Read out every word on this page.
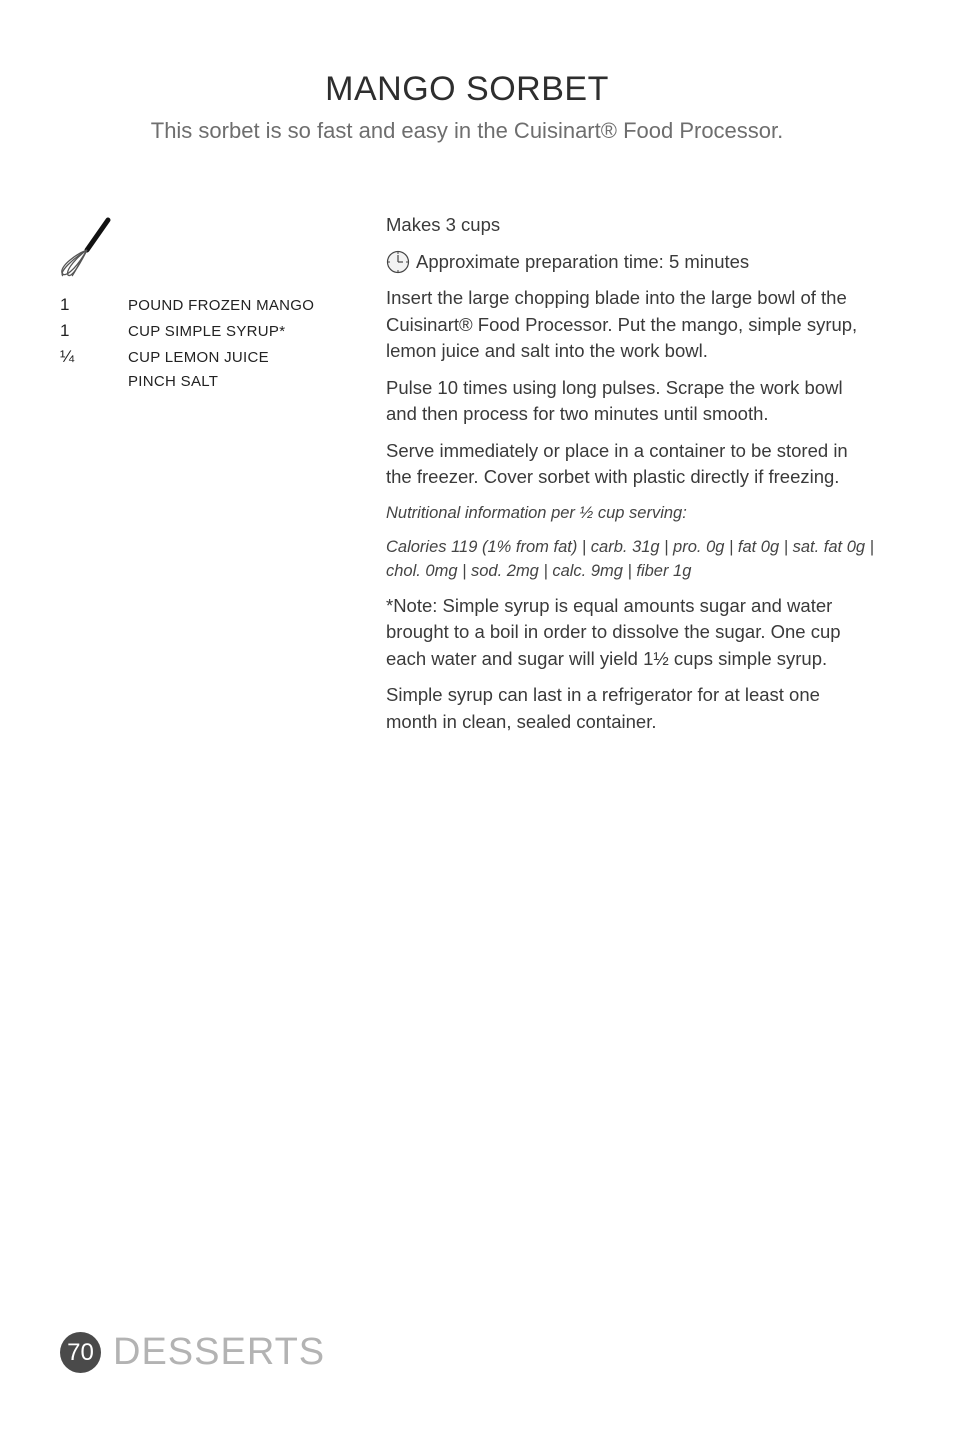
MANGO SORBET

This sorbet is so fast and easy in the Cuisinart® Food Processor.

1	POUND FROZEN MANGO
1	CUP SIMPLE SYRUP*
¼	CUP LEMON JUICE
PINCH SALT

Makes 3 cups

Approximate preparation time: 5 minutes

Insert the large chopping blade into the large bowl of the Cuisinart® Food Processor. Put the mango, simple syrup, lemon juice and salt into the work bowl.

Pulse 10 times using long pulses. Scrape the work bowl and then process for two minutes until smooth.

Serve immediately or place in a container to be stored in the freezer. Cover sorbet with plastic directly if freezing.

Nutritional information per ½ cup serving:

Calories 119 (1% from fat) | carb. 31g | pro. 0g | fat 0g | sat. fat 0g | chol. 0mg | sod. 2mg | calc. 9mg | fiber 1g

*Note: Simple syrup is equal amounts sugar and water brought to a boil in order to dissolve the sugar. One cup each water and sugar will yield 1½ cups simple syrup.

Simple syrup can last in a refrigerator for at least one month in clean, sealed container.

70 DESSERTS
